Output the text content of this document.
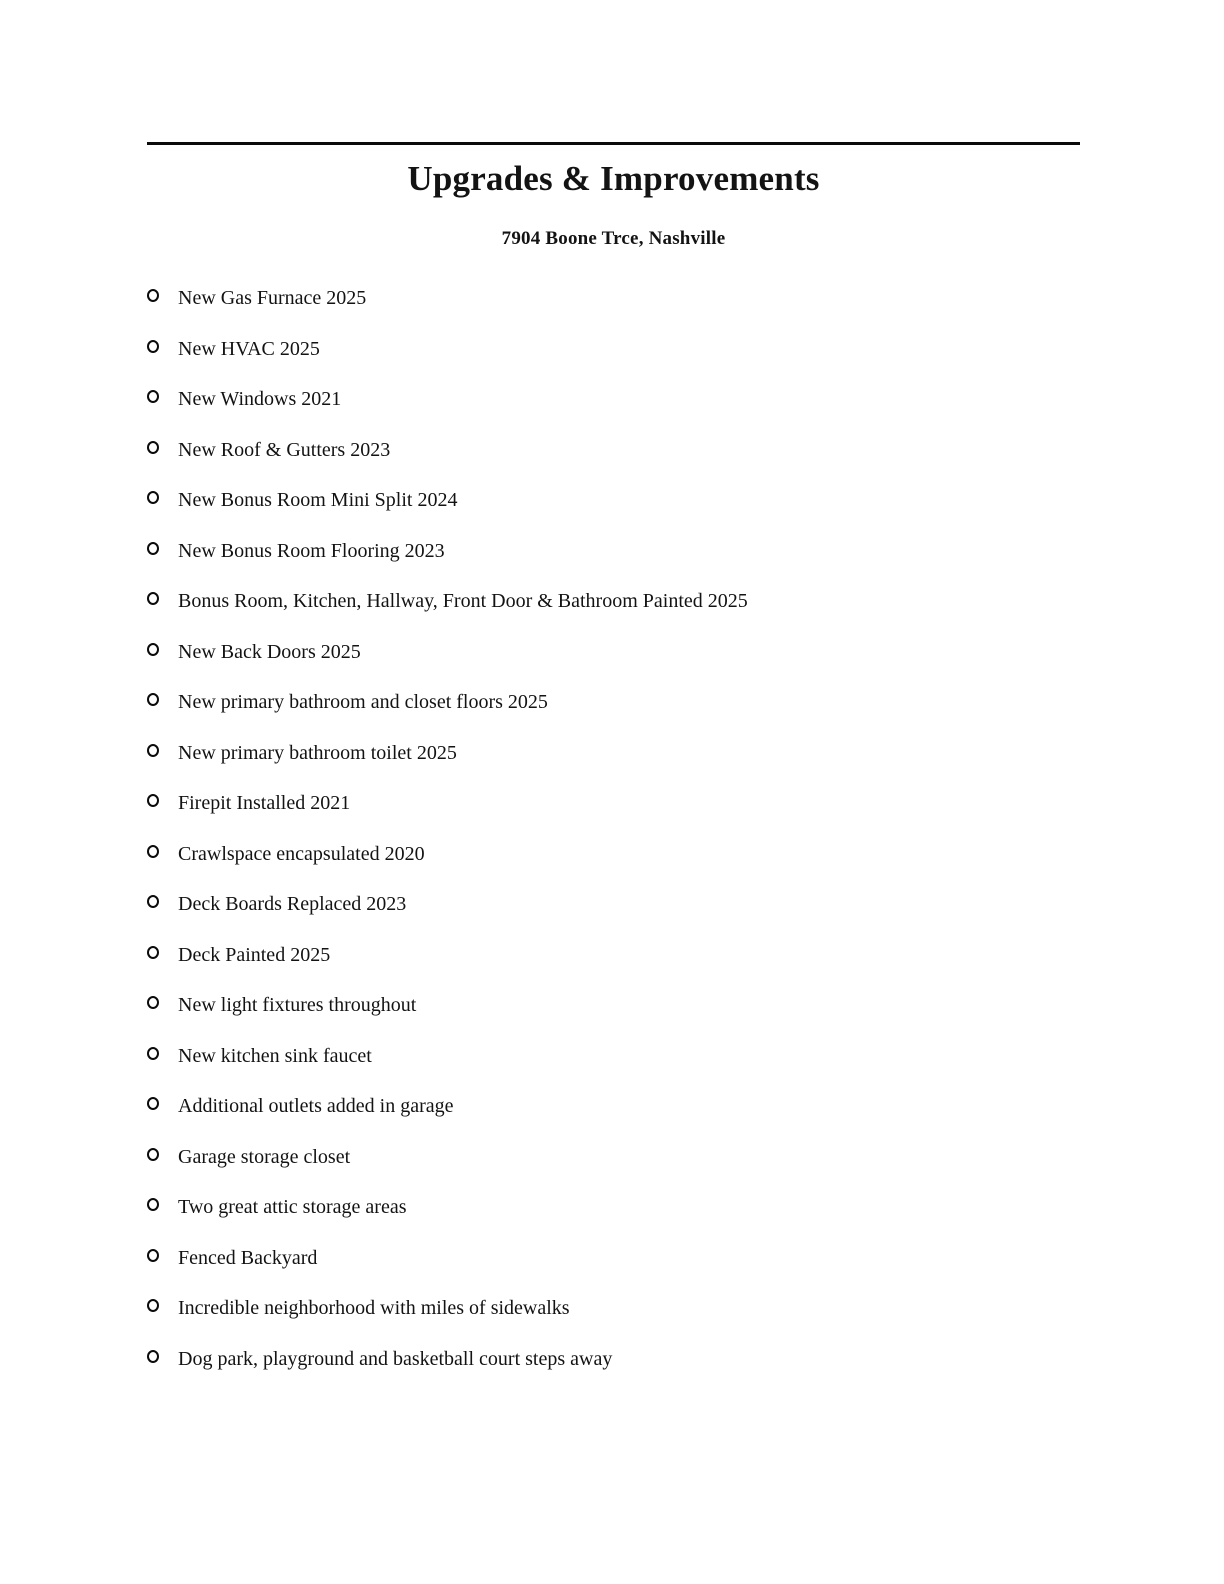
Upgrades & Improvements
7904 Boone Trce, Nashville
New Gas Furnace 2025
New HVAC 2025
New Windows 2021
New Roof & Gutters 2023
New Bonus Room Mini Split 2024
New Bonus Room Flooring 2023
Bonus Room, Kitchen, Hallway, Front Door & Bathroom Painted 2025
New Back Doors 2025
New primary bathroom and closet floors 2025
New primary bathroom toilet 2025
Firepit Installed 2021
Crawlspace encapsulated 2020
Deck Boards Replaced 2023
Deck Painted 2025
New light fixtures throughout
New kitchen sink faucet
Additional outlets added in garage
Garage storage closet
Two great attic storage areas
Fenced Backyard
Incredible neighborhood with miles of sidewalks
Dog park, playground and basketball court steps away
